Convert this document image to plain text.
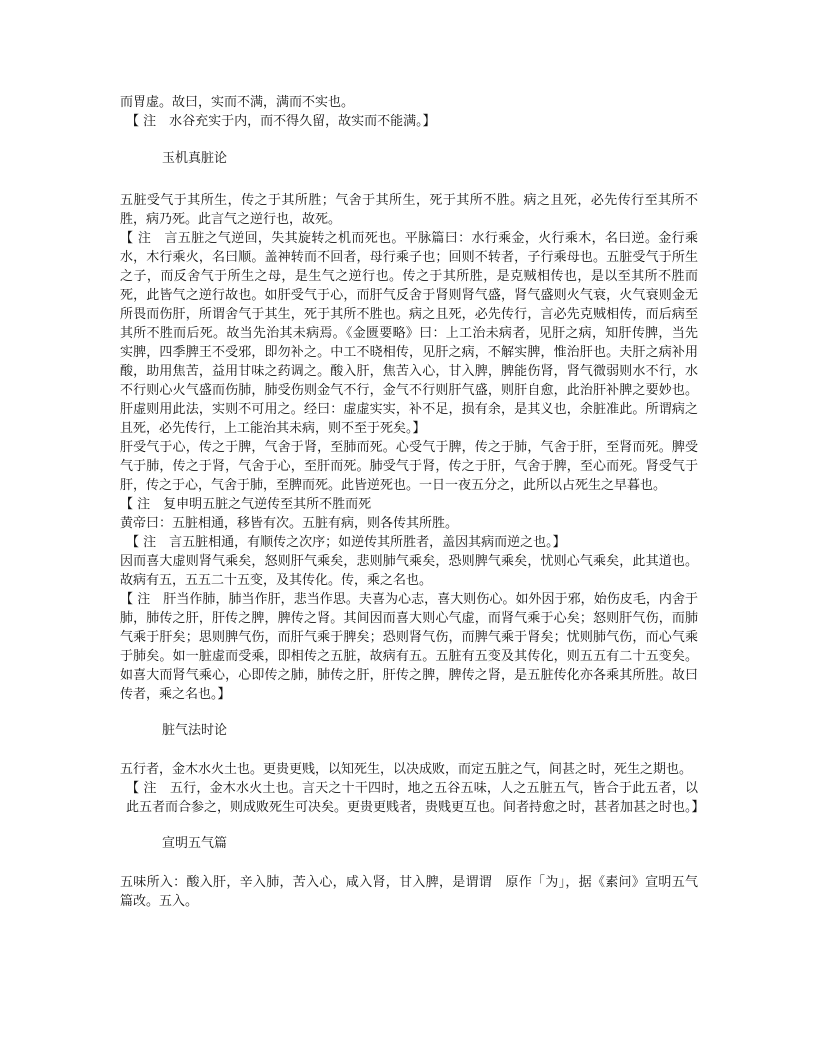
而胃虚。故曰，实而不满，满而不实也。

【 注　水谷充实于内，而不得久留，故实而不能满。】

玉机真脏论

五脏受气于其所生，传之于其所胜；气舍于其所生，死于其所不胜。病之且死，必先传行至其所不胜，病乃死。此言气之逆行也，故死。

【 注　言五脏之气逆回，失其旋转之机而死也。平脉篇曰：水行乘金，火行乘木，名曰逆。金行乘水，木行乘火，名曰顺。盖神转而不回者，母行乘子也；回则不转者，子行乘母也。五脏受气于所生之子，而反舍气于所生之母，是生气之逆行也。传之于其所胜，是克贼相传也，是以至其所不胜而死，此皆气之逆行故也。如肝受气于心，而肝气反舍于肾则肾气盛，肾气盛则火气衰，火气衰则金无所畏而伤肝，所谓舍气于其生，死于其所不胜也。病之且死，必先传行，言必先克贼相传，而后病至其所不胜而后死。故当先治其未病焉。《金匮要略》曰：上工治未病者，见肝之病，知肝传脾，当先实脾，四季脾王不受邪，即勿补之。中工不晓相传，见肝之病，不解实脾，惟治肝也。夫肝之病补用酸，助用焦苦，益用甘味之药调之。酸入肝，焦苦入心，甘入脾，脾能伤肾，肾气微弱则水不行，水不行则心火气盛而伤肺，肺受伤则金气不行，金气不行则肝气盛，则肝自愈，此治肝补脾之要妙也。肝虚则用此法，实则不可用之。经曰：虚虚实实，补不足，损有余，是其义也，余脏准此。所谓病之且死，必先传行，上工能治其未病，则不至于死矣。】

肝受气于心，传之于脾，气舍于肾，至肺而死。心受气于脾，传之于肺，气舍于肝，至肾而死。脾受气于肺，传之于肾，气舍于心，至肝而死。肺受气于肾，传之于肝，气舍于脾，至心而死。肾受气于肝，传之于心，气舍于肺，至脾而死。此皆逆死也。一日一夜五分之，此所以占死生之早暮也。

【 注　复申明五脏之气逆传至其所不胜而死

黄帝曰：五脏相通，移皆有次。五脏有病，则各传其所胜。

【 注　言五脏相通，有顺传之次序；如逆传其所胜者，盖因其病而逆之也。】

因而喜大虚则肾气乘矣，怒则肝气乘矣，悲则肺气乘矣，恐则脾气乘矣，忧则心气乘矣，此其道也。故病有五，五五二十五变，及其传化。传，乘之名也。

【 注　肝当作肺，肺当作肝，悲当作思。夫喜为心志，喜大则伤心。如外因于邪，始伤皮毛，内舍于肺，肺传之肝，肝传之脾，脾传之肾。其间因而喜大则心气虚，而肾气乘于心矣；怒则肝气伤，而肺气乘于肝矣；思则脾气伤，而肝气乘于脾矣；恐则肾气伤，而脾气乘于肾矣；忧则肺气伤，而心气乘于肺矣。如一脏虚而受乘，即相传之五脏，故病有五。五脏有五变及其传化，则五五有二十五变矣。如喜大而肾气乘心，心即传之肺，肺传之肝，肝传之脾，脾传之肾，是五脏传化亦各乘其所胜。故曰传者，乘之名也。】

脏气法时论

五行者，金木水火土也。更贵更贱，以知死生，以决成败，而定五脏之气，间甚之时，死生之期也。

【 注　五行，金木水火土也。言天之十干四时，地之五谷五味，人之五脏五气，皆合于此五者，以此五者而合参之，则成败死生可决矣。更贵更贱者，贵贱更互也。间者持愈之时，甚者加甚之时也。】

宣明五气篇

五味所入：酸入肝，辛入肺，苦入心，咸入肾，甘入脾，是谓谓　原作「为」，据《素问》宣明五气篇改。五入。
